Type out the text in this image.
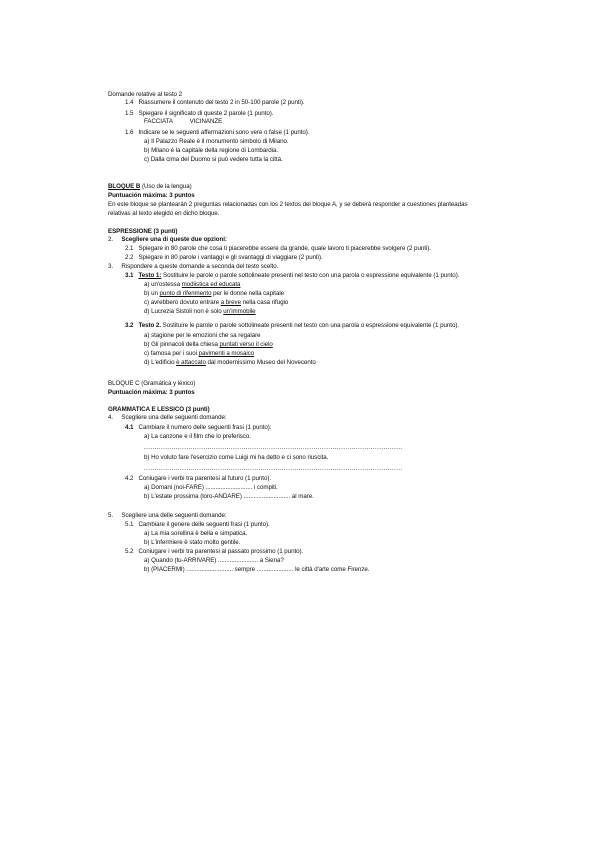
Domande relative al testo 2
1.4 Riassumere il contenuto del testo 2 in 50-100 parole (2 punti).
1.5 Spiegare il significato di queste 2 parole (1 punto).
FACCIATA	VICINANZE
1.6 Indicare se le seguenti affermazioni sono vere o false (1 punto).
a) Il Palazzo Reale è il monumento simbolo di Milano.
b) Milano è la capitale della regione di Lombardia.
c) Dalla cima del Duomo si può vedere tutta la città.
BLOQUE B (Uso de la lengua)
Puntuación máxima: 3 puntos
En este bloque se plantearán 2 preguntas relacionadas con los 2 textos del bloque A, y se deberá responder a cuestiones planteadas
relativas al texto elegido en dicho bloque.
ESPRESSIONE (3 punti)
2. Scegliere una di queste due opzioni:
2.1 Spiegare in 80 parole che cosa ti piacerebbe essere da grande, quale lavoro ti piacerebbe svolgere (2 punti).
2.2 Spiegare in 80 parole i vantaggi e gli svantaggi di viaggiare (2 punti).
3. Rispondere a queste domande a seconda del testo scelto.
3.1 Testo 1: Sostituire le parole o parole sottolineate presenti nel testo con una parola o espressione equivalente (1 punto).
a) un'ostessa modiistica ed educata
b) un punto di riferimento per le donne nella capitale
c) avrebbero dovuto entrare a breve nella casa rifugio
d) Lucrezia Sistoli non è solo un'immobile
3.2 Testo 2. Sostituire le parole o parole sottolineate presenti nel testo con una parola o espressione equivalente (1 punto).
a) stagione per le emozioni che sa regalare
b) Gli pinnacoli della chiesa puntati verso il cielo
c) famosa per i suoi pavimenti a mosaico
d) L'edificio è attaccato dal modernissimo Museo del Novecento
BLOQUE C (Gramática y léxico)
Puntuación máxima: 3 puntos
GRAMMATICA E LESSICO (3 punti)
4. Scegliere una delle seguenti domande:
4.1 Cambiare il numero delle seguenti frasi (1 punto):
a) La canzone e il film che lo preferisco.
..........................................................................................................................
b) Ho voluto fare l'esercizio come Luigi mi ha detto e ci sono riuscita.
..........................................................................................................................
4.2 Coniugare i verbi tra parentesi al futuro (1 punto).
a) Domani (noi-FARE) ............................ i compiti.
b) L'estate prossima (loro-ANDARE) ............................ al mare.
5. Scegliere una delle seguenti domande:
5.1 Cambiare il genere delle seguenti frasi (1 punto).
a) La mia sorellina è bella e simpatica.
b) L'infermiere è stato molto gentile.
5.2 Coniugare i verbi tra parentesi al passato prossimo (1 punto).
a) Quando (tu-ARRIVARE) ........................ a Siena?
b) (PIACERMI) ............................ sempre ...................... le città d'arte come Firenze.
